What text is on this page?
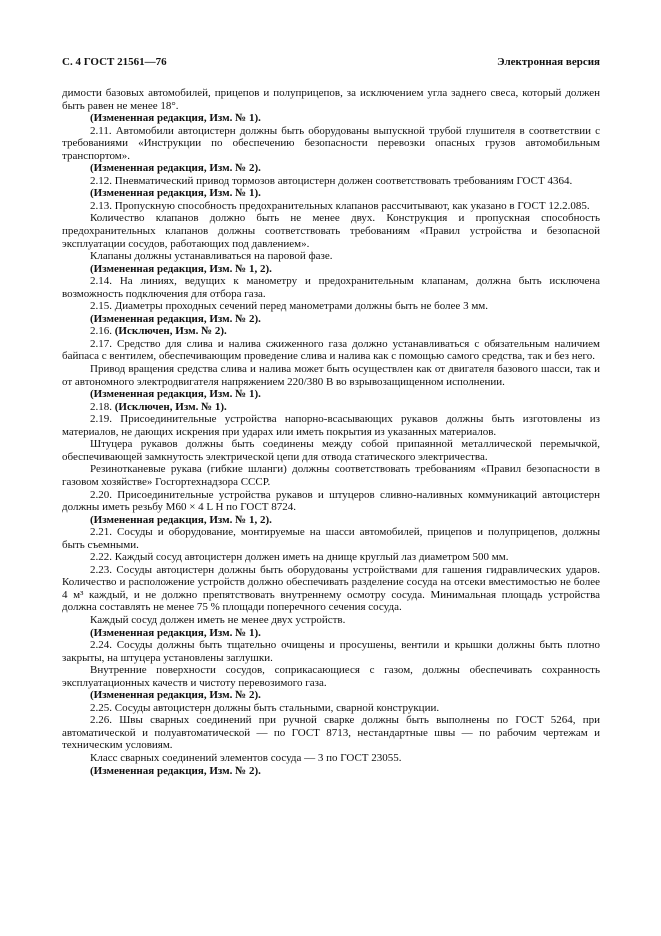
С. 4 ГОСТ 21561—76	Электронная версия

димости базовых автомобилей, прицепов и полуприцепов, за исключением угла заднего свеса, который должен быть равен не менее 18°.

(Измененная редакция, Изм. № 1).

2.11. Автомобили автоцистерн должны быть оборудованы выпускной трубой глушителя в соответствии с требованиями «Инструкции по обеспечению безопасности перевозки опасных грузов автомобильным транспортом».

(Измененная редакция, Изм. № 2).

2.12. Пневматический привод тормозов автоцистерн должен соответствовать требованиям ГОСТ 4364.

(Измененная редакция, Изм. № 1).

2.13. Пропускную способность предохранительных клапанов рассчитывают, как указано в ГОСТ 12.2.085.

Количество клапанов должно быть не менее двух. Конструкция и пропускная способность предохранительных клапанов должны соответствовать требованиям «Правил устройства и безопасной эксплуатации сосудов, работающих под давлением».

Клапаны должны устанавливаться на паровой фазе.

(Измененная редакция, Изм. № 1, 2).

2.14. На линиях, ведущих к манометру и предохранительным клапанам, должна быть исключена возможность подключения для отбора газа.

2.15. Диаметры проходных сечений перед манометрами должны быть не более 3 мм.

(Измененная редакция, Изм. № 2).

2.16. (Исключен, Изм. № 2).

2.17. Средство для слива и налива сжиженного газа должно устанавливаться с обязательным наличием байпаса с вентилем, обеспечивающим проведение слива и налива как с помощью самого средства, так и без него.

Привод вращения средства слива и налива может быть осуществлен как от двигателя базового шасси, так и от автономного электродвигателя напряжением 220/380 В во взрывозащищенном исполнении.

(Измененная редакция, Изм. № 1).

2.18. (Исключен, Изм. № 1).

2.19. Присоединительные устройства напорно-всасывающих рукавов должны быть изготовлены из материалов, не дающих искрения при ударах или иметь покрытия из указанных материалов.

Штуцера рукавов должны быть соединены между собой припаянной металлической перемычкой, обеспечивающей замкнутость электрической цепи для отвода статического электричества.

Резинотканевые рукава (гибкие шланги) должны соответствовать требованиям «Правил безопасности в газовом хозяйстве» Госгортехнадзора СССР.

2.20. Присоединительные устройства рукавов и штуцеров сливно-наливных коммуникаций автоцистерн должны иметь резьбу М60 × 4 L Н по ГОСТ 8724.

(Измененная редакция, Изм. № 1, 2).

2.21. Сосуды и оборудование, монтируемые на шасси автомобилей, прицепов и полуприцепов, должны быть съемными.

2.22. Каждый сосуд автоцистерн должен иметь на днище круглый лаз диаметром 500 мм.

2.23. Сосуды автоцистерн должны быть оборудованы устройствами для гашения гидравлических ударов. Количество и расположение устройств должно обеспечивать разделение сосуда на отсеки вместимостью не более 4 м³ каждый, и не должно препятствовать внутреннему осмотру сосуда. Минимальная площадь устройства должна составлять не менее 75 % площади поперечного сечения сосуда.

Каждый сосуд должен иметь не менее двух устройств.

(Измененная редакция, Изм. № 1).

2.24. Сосуды должны быть тщательно очищены и просушены, вентили и крышки должны быть плотно закрыты, на штуцера установлены заглушки.

Внутренние поверхности сосудов, соприкасающиеся с газом, должны обеспечивать сохранность эксплуатационных качеств и чистоту перевозимого газа.

(Измененная редакция, Изм. № 2).

2.25. Сосуды автоцистерн должны быть стальными, сварной конструкции.

2.26. Швы сварных соединений при ручной сварке должны быть выполнены по ГОСТ 5264, при автоматической и полуавтоматической — по ГОСТ 8713, нестандартные швы — по рабочим чертежам и техническим условиям.

Класс сварных соединений элементов сосуда — 3 по ГОСТ 23055.

(Измененная редакция, Изм. № 2).
